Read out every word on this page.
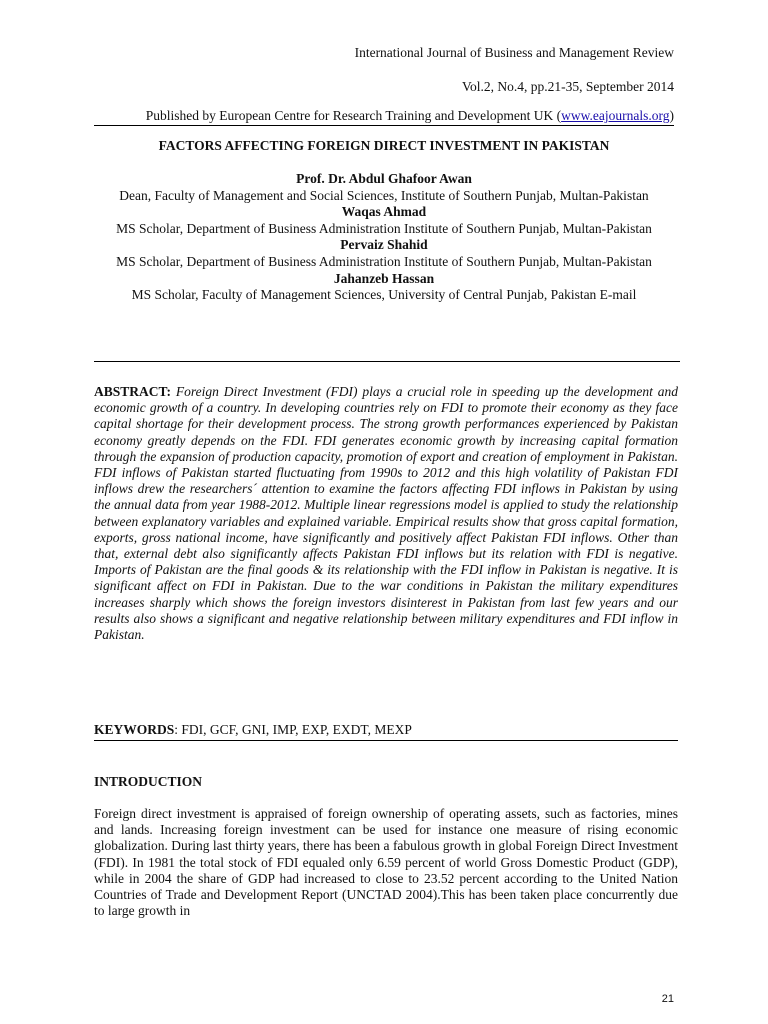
International Journal of Business and Management Review
Vol.2, No.4, pp.21-35, September 2014
Published by European Centre for Research Training and Development UK (www.eajournals.org)
FACTORS AFFECTING FOREIGN DIRECT INVESTMENT IN PAKISTAN
Prof. Dr. Abdul Ghafoor Awan
Dean, Faculty of Management and Social Sciences, Institute of Southern Punjab, Multan-Pakistan
Waqas Ahmad
MS Scholar, Department of Business Administration Institute of Southern Punjab, Multan-Pakistan
Pervaiz Shahid
MS Scholar, Department of Business Administration Institute of Southern Punjab, Multan-Pakistan
Jahanzeb Hassan
MS Scholar, Faculty of Management Sciences, University of Central Punjab, Pakistan E-mail
ABSTRACT: Foreign Direct Investment (FDI) plays a crucial role in speeding up the development and economic growth of a country. In developing countries rely on FDI to promote their economy as they face capital shortage for their development process. The strong growth performances experienced by Pakistan economy greatly depends on the FDI. FDI generates economic growth by increasing capital formation through the expansion of production capacity, promotion of export and creation of employment in Pakistan. FDI inflows of Pakistan started fluctuating from 1990s to 2012 and this high volatility of Pakistan FDI inflows drew the researchers´ attention to examine the factors affecting FDI inflows in Pakistan by using the annual data from year 1988-2012. Multiple linear regressions model is applied to study the relationship between explanatory variables and explained variable. Empirical results show that gross capital formation, exports, gross national income, have significantly and positively affect Pakistan FDI inflows. Other than that, external debt also significantly affects Pakistan FDI inflows but its relation with FDI is negative. Imports of Pakistan are the final goods & its relationship with the FDI inflow in Pakistan is negative. It is significant affect on FDI in Pakistan. Due to the war conditions in Pakistan the military expenditures increases sharply which shows the foreign investors disinterest in Pakistan from last few years and our results also shows a significant and negative relationship between military expenditures and FDI inflow in Pakistan.
KEYWORDS: FDI, GCF, GNI, IMP, EXP, EXDT, MEXP
INTRODUCTION
Foreign direct investment is appraised of foreign ownership of operating assets, such as factories, mines and lands. Increasing foreign investment can be used for instance one measure of rising economic globalization. During last thirty years, there has been a fabulous growth in global Foreign Direct Investment (FDI). In 1981 the total stock of FDI equaled only 6.59 percent of world Gross Domestic Product (GDP), while in 2004 the share of GDP had increased to close to 23.52 percent according to the United Nation Countries of Trade and Development Report (UNCTAD 2004).This has been taken place concurrently due to large growth in
21
